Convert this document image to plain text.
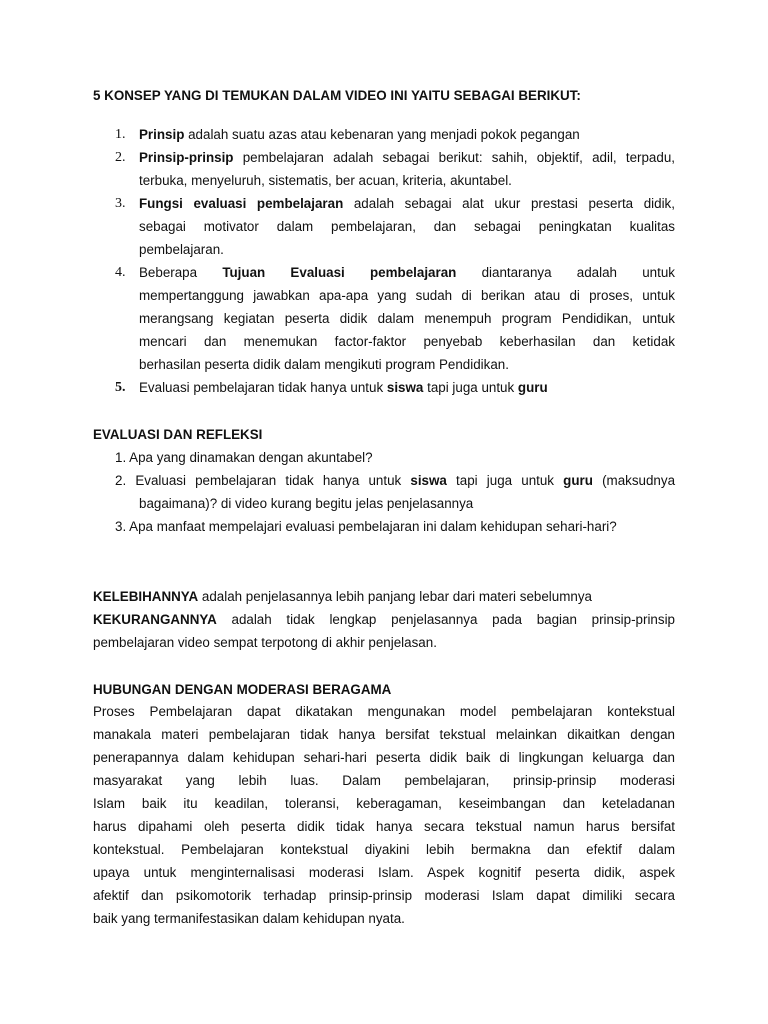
5 KONSEP YANG DI TEMUKAN DALAM VIDEO INI YAITU SEBAGAI BERIKUT:
1. Prinsip adalah suatu azas atau kebenaran yang menjadi pokok pegangan
2. Prinsip-prinsip pembelajaran adalah sebagai berikut: sahih, objektif, adil, terpadu,
terbuka, menyeluruh, sistematis, ber acuan, kriteria, akuntabel.
3. Fungsi evaluasi pembelajaran adalah sebagai alat ukur prestasi peserta didik,
sebagai motivator dalam pembelajaran, dan sebagai peningkatan kualitas
pembelajaran.
4. Beberapa Tujuan Evaluasi pembelajaran diantaranya adalah untuk
mempertanggung jawabkan apa-apa yang sudah di berikan atau di proses, untuk
merangsang kegiatan peserta didik dalam menempuh program Pendidikan, untuk
mencari dan menemukan factor-faktor penyebab keberhasilan dan ketidak
berhasilan peserta didik dalam mengikuti program Pendidikan.
5. Evaluasi pembelajaran tidak hanya untuk siswa tapi juga untuk guru
EVALUASI DAN REFLEKSI
1. Apa yang dinamakan dengan akuntabel?
2. Evaluasi pembelajaran tidak hanya untuk siswa tapi juga untuk guru (maksudnya
bagaimana)? di video kurang begitu jelas penjelasannya
3. Apa manfaat mempelajari evaluasi pembelajaran ini dalam kehidupan sehari-hari?
KELEBIHANNYA adalah penjelasannya lebih panjang lebar dari materi sebelumnya
KEKURANGANNYA adalah tidak lengkap penjelasannya pada bagian prinsip-prinsip
pembelajaran video sempat terpotong di akhir penjelasan.
HUBUNGAN DENGAN MODERASI BERAGAMA
Proses Pembelajaran dapat dikatakan mengunakan model pembelajaran kontekstual
manakala materi pembelajaran tidak hanya bersifat tekstual melainkan dikaitkan dengan
penerapannya dalam kehidupan sehari-hari peserta didik baik di lingkungan keluarga dan
masyarakat yang lebih luas. Dalam pembelajaran, prinsip-prinsip moderasi
Islam baik itu keadilan, toleransi, keberagaman, keseimbangan dan keteladanan
harus dipahami oleh peserta didik tidak hanya secara tekstual namun harus bersifat
kontekstual. Pembelajaran kontekstual diyakini lebih bermakna dan efektif dalam
upaya untuk menginternalisasi moderasi Islam. Aspek kognitif peserta didik, aspek
afektif dan psikomotorik terhadap prinsip-prinsip moderasi Islam dapat dimiliki secara
baik yang termanifestasikan dalam kehidupan nyata.
